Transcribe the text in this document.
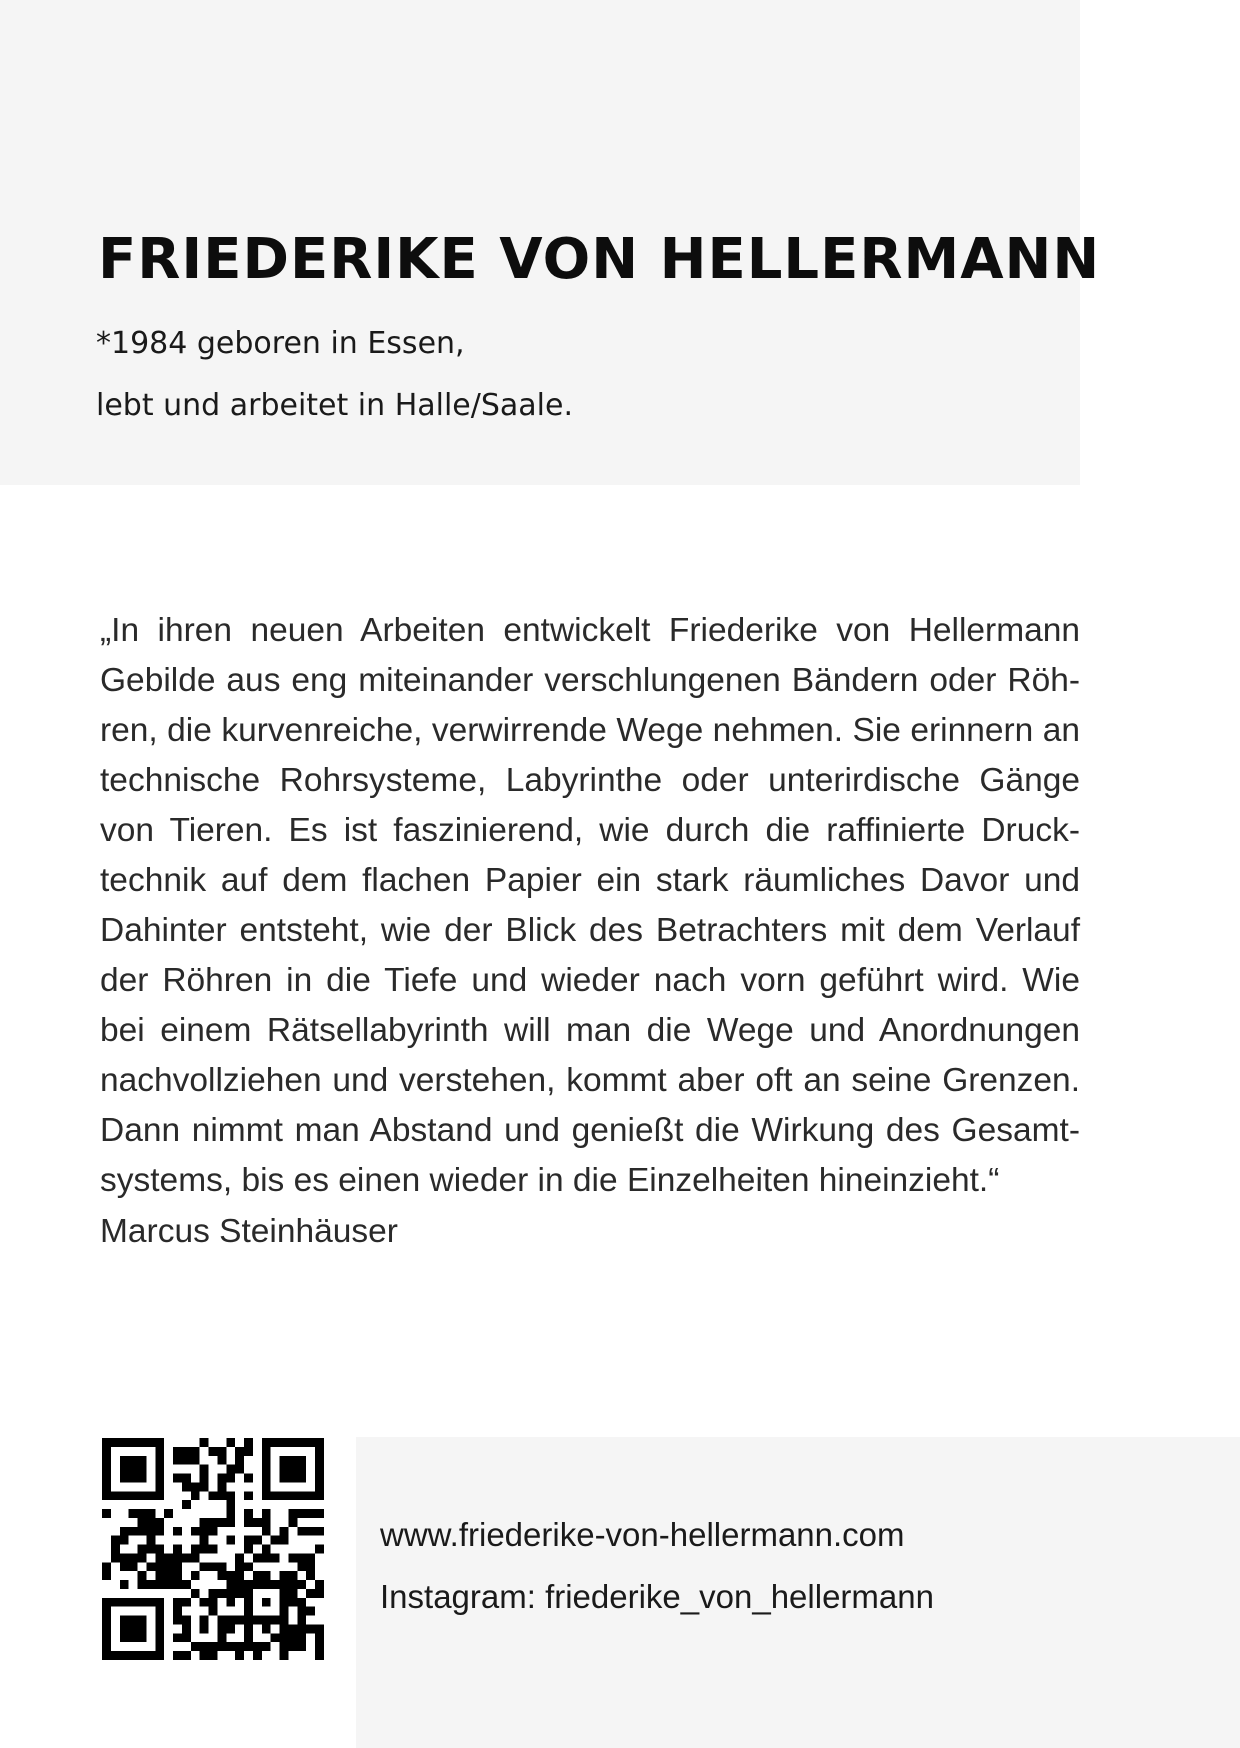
FRIEDERIKE VON HELLERMANN

*1984 geboren in Essen,

lebt und arbeitet in Halle/Saale.

„In ihren neuen Arbeiten entwickelt Friederike von Hellermann
Gebilde aus eng miteinander verschlungenen Bändern oder Röh-
ren, die kurvenreiche, verwirrende Wege nehmen. Sie erinnern an
technische Rohrsysteme, Labyrinthe oder unterirdische Gänge
von Tieren. Es ist faszinierend, wie durch die raffinierte Druck-
technik auf dem flachen Papier ein stark räumliches Davor und
Dahinter entsteht, wie der Blick des Betrachters mit dem Verlauf
der Röhren in die Tiefe und wieder nach vorn geführt wird. Wie
bei einem Rätsellabyrinth will man die Wege und Anordnungen
nachvollziehen und verstehen, kommt aber oft an seine Grenzen.
Dann nimmt man Abstand und genießt die Wirkung des Gesamt-
systems, bis es einen wieder in die Einzelheiten hineinzieht.“

Marcus Steinhäuser

www.friederike-von-hellermann.com

Instagram: friederike_von_hellermann
